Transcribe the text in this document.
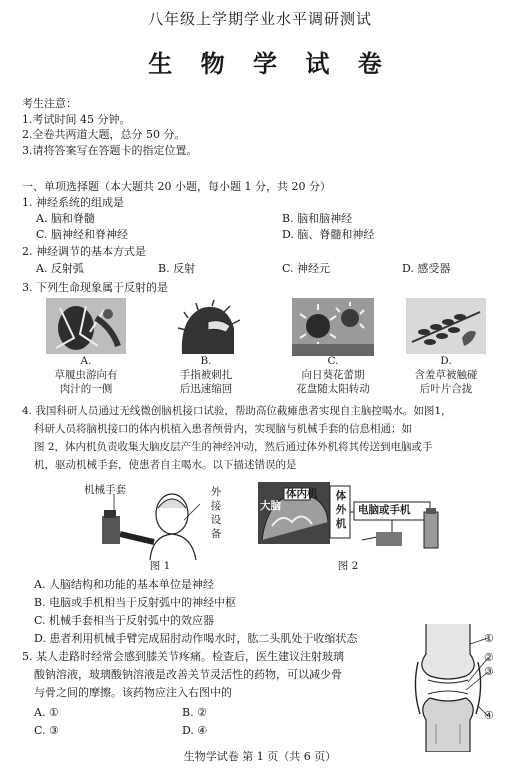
八年级上学期学业水平调研测试
生 物 学 试 卷
考生注意：
1.考试时间 45 分钟。
2.全卷共两道大题，总分 50 分。
3.请将答案写在答题卡的指定位置。
一、单项选择题（本大题共 20 小题，每小题 1 分，共 20 分）
1. 神经系统的组成是
A. 脑和脊髓	B. 脑和脑神经
C. 脑神经和脊神经	D. 脑、脊髓和神经
2. 神经调节的基本方式是
A. 反射弧	B. 反射	C. 神经元	D. 感受器
3. 下列生命现象属于反射的是
A.
草履虫游向有
肉汁的一侧
B.
手指被刺扎
后迅速缩回
C.
向日葵花蕾期
花盘随太阳转动
D.
含羞草被触碰
后叶片合拢
4. 我国科研人员通过无线微创脑机接口试验，帮助高位截瘫患者实现自主脑控喝水。如图1，
科研人员将脑机接口的体内机植入患者颅骨内，实现脑与机械手套的信息相通；如
图 2，体内机负责收集大脑皮层产生的神经冲动，然后通过体外机将其传送到电脑或手
机，驱动机械手套，使患者自主喝水。以下描述错误的是
机械手套	外
接
设
备
图 1
体内机
大脑
体
外
机
电脑或手机
图 2
A. 人脑结构和功能的基本单位是神经
B. 电脑或手机相当于反射弧中的神经中枢
C. 机械手套相当于反射弧中的效应器
D. 患者利用机械手臂完成屈肘动作喝水时，肱二头肌处于收缩状态
5. 某人走路时经常会感到膝关节疼痛。检查后，医生建议注射玻璃
酸钠溶液，玻璃酸钠溶液是改善关节灵活性的药物，可以减少骨
与骨之间的摩擦。该药物应注入右图中的
A. ①	B. ②
C. ③	D. ④
①
②
③
④
生物学试卷 第 1 页（共 6 页）
